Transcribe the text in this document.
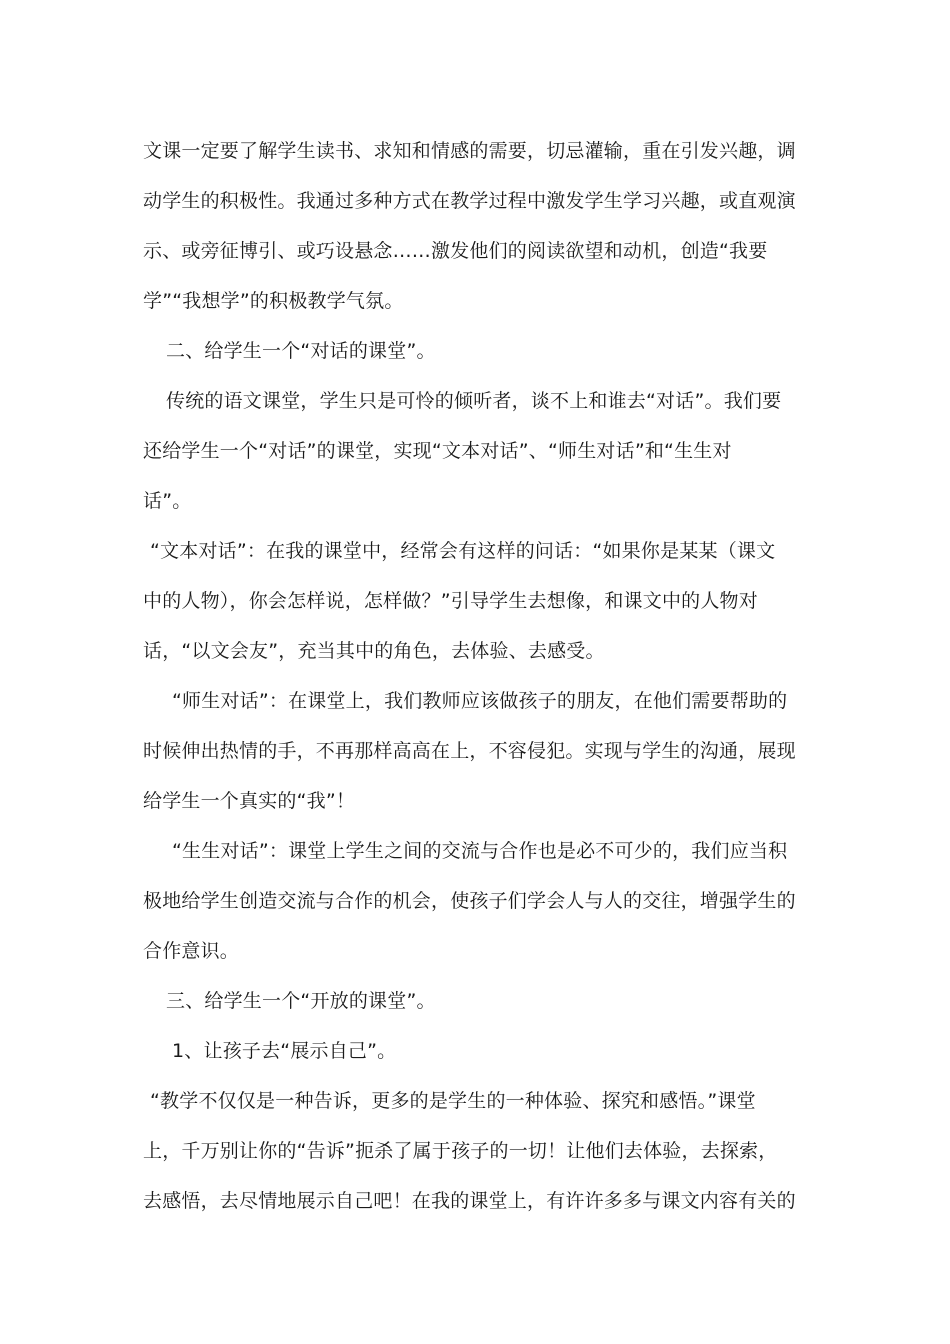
文课一定要了解学生读书、求知和情感的需要，切忌灌输，重在引发兴趣，调
动学生的积极性。我通过多种方式在教学过程中激发学生学习兴趣，或直观演
示、或旁征博引、或巧设悬念……激发他们的阅读欲望和动机，创造“我要
学”“我想学”的积极教学气氛。
二、给学生一个“对话的课堂”。
传统的语文课堂，学生只是可怜的倾听者，谈不上和谁去“对话”。我们要
还给学生一个“对话”的课堂，实现“文本对话”、“师生对话”和“生生对
话”。
“文本对话”：在我的课堂中，经常会有这样的问话：“如果你是某某（课文
中的人物），你会怎样说，怎样做？”引导学生去想像，和课文中的人物对
话，“以文会友”，充当其中的角色，去体验、去感受。
“师生对话”：在课堂上，我们教师应该做孩子的朋友，在他们需要帮助的
时候伸出热情的手，不再那样高高在上，不容侵犯。实现与学生的沟通，展现
给学生一个真实的“我”！
“生生对话”：课堂上学生之间的交流与合作也是必不可少的，我们应当积
极地给学生创造交流与合作的机会，使孩子们学会人与人的交往，增强学生的
合作意识。
三、给学生一个“开放的课堂”。
1、让孩子去“展示自己”。
“教学不仅仅是一种告诉，更多的是学生的一种体验、探究和感悟。”课堂
上，千万别让你的“告诉”扼杀了属于孩子的一切！让他们去体验，去探索，
去感悟，去尽情地展示自己吧！在我的课堂上，有许许多多与课文内容有关的
